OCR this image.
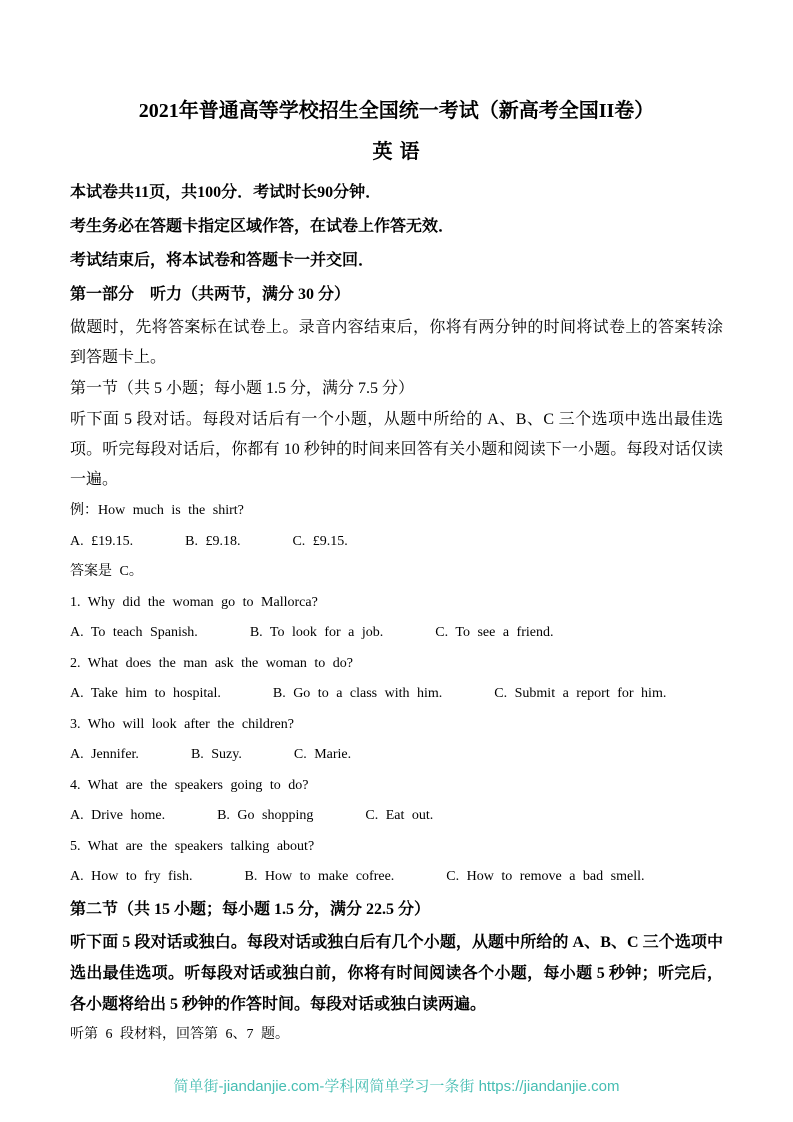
2021年普通高等学校招生全国统一考试（新高考全国II卷）
英 语
本试卷共11页，共100分．考试时长90分钟．
考生务必在答题卡指定区域作答，在试卷上作答无效．
考试结束后，将本试卷和答题卡一并交回．
第一部分　听力（共两节，满分 30 分）
做题时，先将答案标在试卷上。录音内容结束后，你将有两分钟的时间将试卷上的答案转涂到答题卡上。
第一节（共 5 小题；每小题 1.5 分，满分 7.5 分）
听下面 5 段对话。每段对话后有一个小题，从题中所给的 A、B、C 三个选项中选出最佳选项。听完每段对话后，你都有 10 秒钟的时间来回答有关小题和阅读下一小题。每段对话仅读一遍。
例：How much is the shirt?
A. £19.15.	B. £9.18.	C. £9.15.
答案是 C。
1. Why did the woman go to Mallorca?
A. To teach Spanish.	B. To look for a job.	C. To see a friend.
2. What does the man ask the woman to do?
A. Take him to hospital.	B. Go to a class with him.	C. Submit a report for him.
3. Who will look after the children?
A. Jennifer.	B. Suzy.	C. Marie.
4. What are the speakers going to do?
A. Drive home.	B. Go shopping	C. Eat out.
5. What are the speakers talking about?
A. How to fry fish.	B. How to make cofree.	C. How to remove a bad smell.
第二节（共 15 小题；每小题 1.5 分，满分 22.5 分）
听下面 5 段对话或独白。每段对话或独白后有几个小题，从题中所给的 A、B、C 三个选项中选出最佳选项。听每段对话或独白前，你将有时间阅读各个小题，每小题 5 秒钟；听完后，各小题将给出 5 秒钟的作答时间。每段对话或独白读两遍。
听第 6 段材料，回答第 6、7 题。
简单街-jiandanjie.com-学科网简单学习一条街 https://jiandanjie.com
